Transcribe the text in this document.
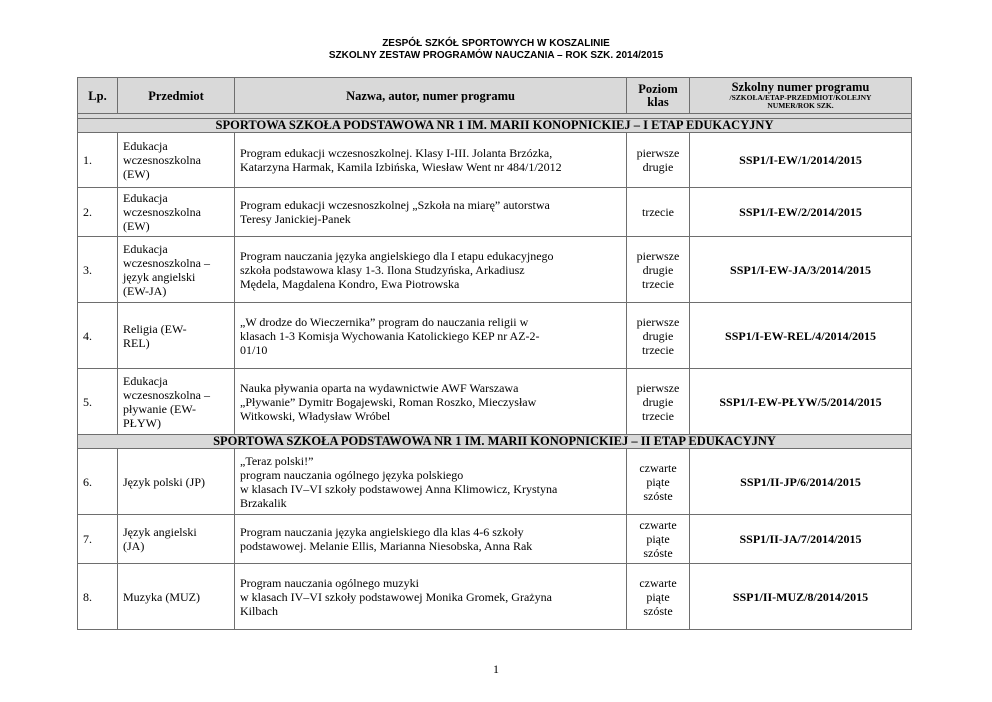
ZESPÓŁ SZKÓŁ SPORTOWYCH W KOSZALINIE
SZKOLNY ZESTAW PROGRAMÓW NAUCZANIA – ROK SZK. 2014/2015
Lp.	Przedmiot	Nazwa, autor, numer programu	Poziom
klas	Szkolny numer programu
/SZKOŁA/ETAP-PRZEDMIOT/KOLEJNY
NUMER/ROK SZK.

SPORTOWA SZKOŁA PODSTAWOWA NR 1 IM. MARII KONOPNICKIEJ – I ETAP EDUKACYJNY				
1.	Edukacja
wczesnoszkolna
(EW)	Program edukacji wczesnoszkolnej. Klasy I-III. Jolanta Brzózka,
Katarzyna Harmak, Kamila Izbińska, Wiesław Went nr 484/1/2012	pierwsze
drugie	SSP1/I-EW/1/2014/2015
2.	Edukacja
wczesnoszkolna
(EW)	Program edukacji wczesnoszkolnej „Szkoła na miarę” autorstwa
Teresy Janickiej-Panek	trzecie	SSP1/I-EW/2/2014/2015
3.	Edukacja
wczesnoszkolna –
język angielski
(EW-JA)	Program nauczania języka angielskiego dla I etapu edukacyjnego
szkoła podstawowa klasy 1-3. Ilona Studzyńska, Arkadiusz
Mędela, Magdalena Kondro, Ewa Piotrowska	pierwsze
drugie
trzecie	SSP1/I-EW-JA/3/2014/2015
4.	Religia (EW-
REL)	„W drodze do Wieczernika” program do nauczania religii w
klasach 1-3 Komisja Wychowania Katolickiego KEP nr AZ-2-
01/10	pierwsze
drugie
trzecie	SSP1/I-EW-REL/4/2014/2015
5.	Edukacja
wczesnoszkolna –
pływanie (EW-
PŁYW)	Nauka pływania oparta na wydawnictwie AWF Warszawa
„Pływanie” Dymitr Bogajewski, Roman Roszko, Mieczysław
Witkowski, Władysław Wróbel	pierwsze
drugie
trzecie	SSP1/I-EW-PŁYW/5/2014/2015
SPORTOWA SZKOŁA PODSTAWOWA NR 1 IM. MARII KONOPNICKIEJ – II ETAP EDUKACYJNY				
6.	Język polski (JP)	„Teraz polski!”
program nauczania ogólnego języka polskiego
w klasach IV–VI szkoły podstawowej Anna Klimowicz, Krystyna
Brzakalik	czwarte
piąte
szóste	SSP1/II-JP/6/2014/2015
7.	Język angielski
(JA)	Program nauczania języka angielskiego dla klas 4-6 szkoły
podstawowej. Melanie Ellis, Marianna Niesobska, Anna Rak	czwarte
piąte
szóste	SSP1/II-JA/7/2014/2015
8.	Muzyka (MUZ)	Program nauczania ogólnego muzyki
w klasach IV–VI szkoły podstawowej Monika Gromek, Grażyna
Kilbach	czwarte
piąte
szóste	SSP1/II-MUZ/8/2014/2015
1
